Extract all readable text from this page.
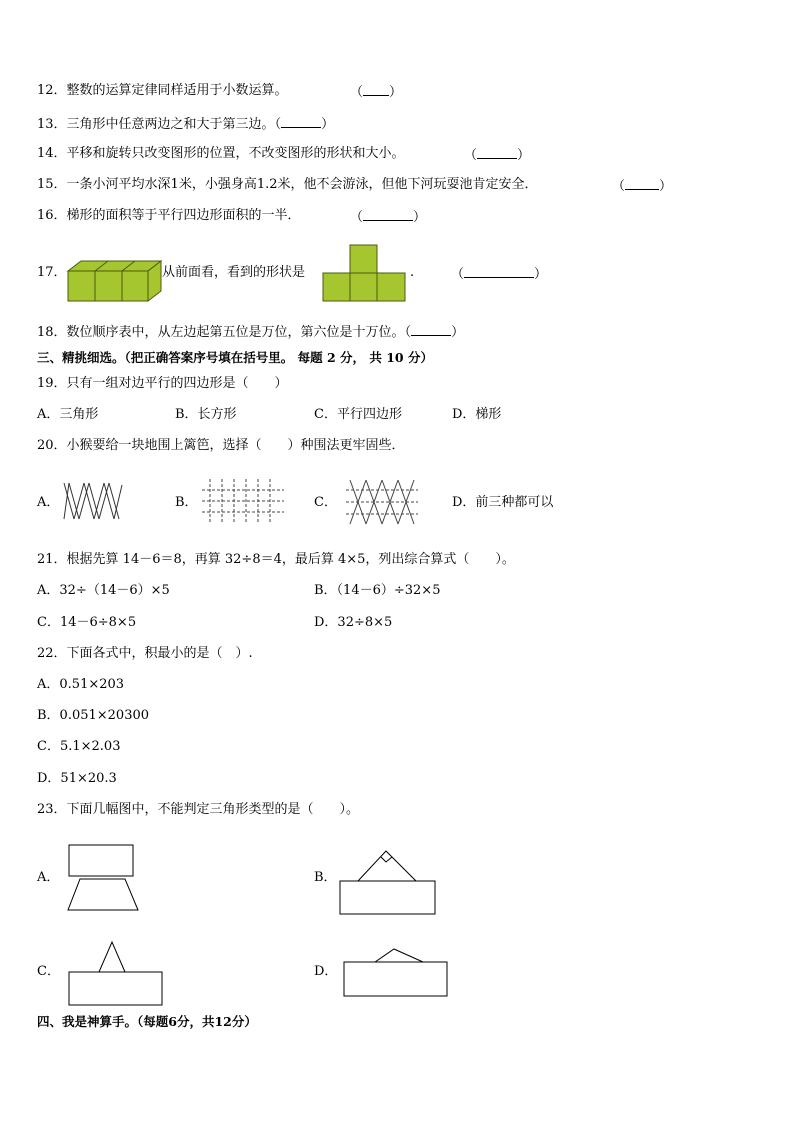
12．整数的运算定律同样适用于小数运算。	（ ）
13．三角形中任意两边之和大于第三边。（	）
14．平移和旋转只改变图形的位置，不改变图形的形状和大小。	（	）
15．一条小河平均水深1米，小强身高1.2米，他不会游泳，但他下河玩耍池肯定安全．	（	）
16．梯形的面积等于平行四边形面积的一半．	（	）
17．	从前面看，看到的形状是	.	（	）
18．数位顺序表中，从左边起第五位是万位，第六位是十万位。（	）
三、精挑细选。（把正确答案序号填在括号里。 每题 2 分， 共 10 分）
19．只有一组对边平行的四边形是（　　）
A．三角形	B．长方形	C．平行四边形	D．梯形
20．小猴要给一块地围上篱笆，选择（　　）种围法更牢固些．
A．	B．	C．	D．前三种都可以
21．根据先算 14－6＝8，再算 32÷8＝4，最后算 4×5，列出综合算式（　　）。
A．32÷（14－6）×5	B．（14－6）÷32×5
C．14－6÷8×5	D．32÷8×5
22．下面各式中，积最小的是（　）.
A．0.51×203
B．0.051×20300
C．5.1×2.03
D．51×20.3
23．下面几幅图中，不能判定三角形类型的是（　　）。
A．	B．
C．	D．
四、我是神算手。（每题6分，共12分）
